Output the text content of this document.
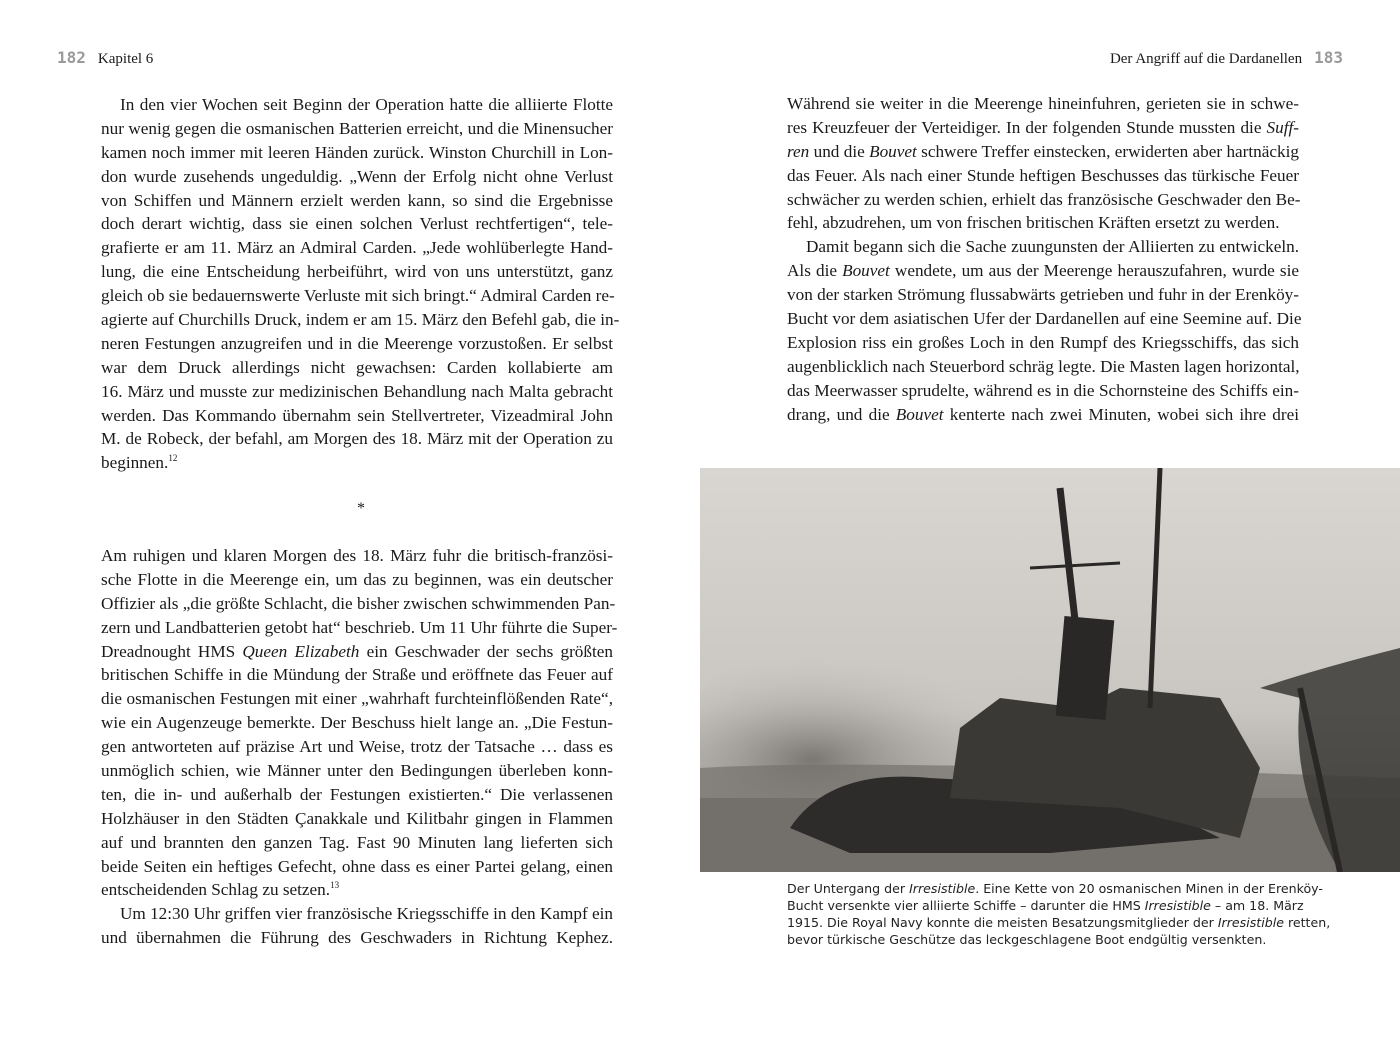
182 Kapitel 6	Der Angriff auf die Dardanellen 183
In den vier Wochen seit Beginn der Operation hatte die alliierte Flotte
nur wenig gegen die osmanischen Batterien erreicht, und die Minensucher
kamen noch immer mit leeren Händen zurück. Winston Churchill in Lon-
don wurde zusehends ungeduldig. „Wenn der Erfolg nicht ohne Verlust
von Schiffen und Männern erzielt werden kann, so sind die Ergebnisse
doch derart wichtig, dass sie einen solchen Verlust rechtfertigen“, tele-
grafierte er am 11. März an Admiral Carden. „Jede wohlüberlegte Hand-
lung, die eine Entscheidung herbeiführt, wird von uns unterstützt, ganz
gleich ob sie bedauernswerte Verluste mit sich bringt.“ Admiral Carden re-
agierte auf Churchills Druck, indem er am 15. März den Befehl gab, die in-
neren Festungen anzugreifen und in die Meerenge vorzustoßen. Er selbst
war dem Druck allerdings nicht gewachsen: Carden kollabierte am
16. März und musste zur medizinischen Behandlung nach Malta gebracht
werden. Das Kommando übernahm sein Stellvertreter, Vizeadmiral John
M. de Robeck, der befahl, am Morgen des 18. März mit der Operation zu
beginnen.$^{12}$
*
Am ruhigen und klaren Morgen des 18. März fuhr die britisch-französi-
sche Flotte in die Meerenge ein, um das zu beginnen, was ein deutscher
Offizier als „die größte Schlacht, die bisher zwischen schwimmenden Pan-
zern und Landbatterien getobt hat“ beschrieb. Um 11 Uhr führte die Super-
Dreadnought HMS Queen Elizabeth ein Geschwader der sechs größten
britischen Schiffe in die Mündung der Straße und eröffnete das Feuer auf
die osmanischen Festungen mit einer „wahrhaft furchteinflößenden Rate“,
wie ein Augenzeuge bemerkte. Der Beschuss hielt lange an. „Die Festun-
gen antworteten auf präzise Art und Weise, trotz der Tatsache … dass es
unmöglich schien, wie Männer unter den Bedingungen überleben konn-
ten, die in- und außerhalb der Festungen existierten.“ Die verlassenen
Holzhäuser in den Städten Çanakkale und Kilitbahr gingen in Flammen
auf und brannten den ganzen Tag. Fast 90 Minuten lang lieferten sich
beide Seiten ein heftiges Gefecht, ohne dass es einer Partei gelang, einen
entscheidenden Schlag zu setzen.$^{13}$
Um 12:30 Uhr griffen vier französische Kriegsschiffe in den Kampf ein
und übernahmen die Führung des Geschwaders in Richtung Kephez.
Während sie weiter in die Meerenge hineinfuhren, gerieten sie in schwe-
res Kreuzfeuer der Verteidiger. In der folgenden Stunde mussten die Suff-
ren und die Bouvet schwere Treffer einstecken, erwiderten aber hartnäckig
das Feuer. Als nach einer Stunde heftigen Beschusses das türkische Feuer
schwächer zu werden schien, erhielt das französische Geschwader den Be-
fehl, abzudrehen, um von frischen britischen Kräften ersetzt zu werden.
Damit begann sich die Sache zuungunsten der Alliierten zu entwickeln.
Als die Bouvet wendete, um aus der Meerenge herauszufahren, wurde sie
von der starken Strömung flussabwärts getrieben und fuhr in der Erenköy-
Bucht vor dem asiatischen Ufer der Dardanellen auf eine Seemine auf. Die
Explosion riss ein großes Loch in den Rumpf des Kriegsschiffs, das sich
augenblicklich nach Steuerbord schräg legte. Die Masten lagen horizontal,
das Meerwasser sprudelte, während es in die Schornsteine des Schiffs ein-
drang, und die Bouvet kenterte nach zwei Minuten, wobei sich ihre drei
Der Untergang der Irresistible. Eine Kette von 20 osmanischen Minen in der Erenköy-
Bucht versenkte vier alliierte Schiffe – darunter die HMS Irresistible – am 18. März
1915. Die Royal Navy konnte die meisten Besatzungsmitglieder der Irresistible retten,
bevor türkische Geschütze das leckgeschlagene Boot endgültig versenkten.
